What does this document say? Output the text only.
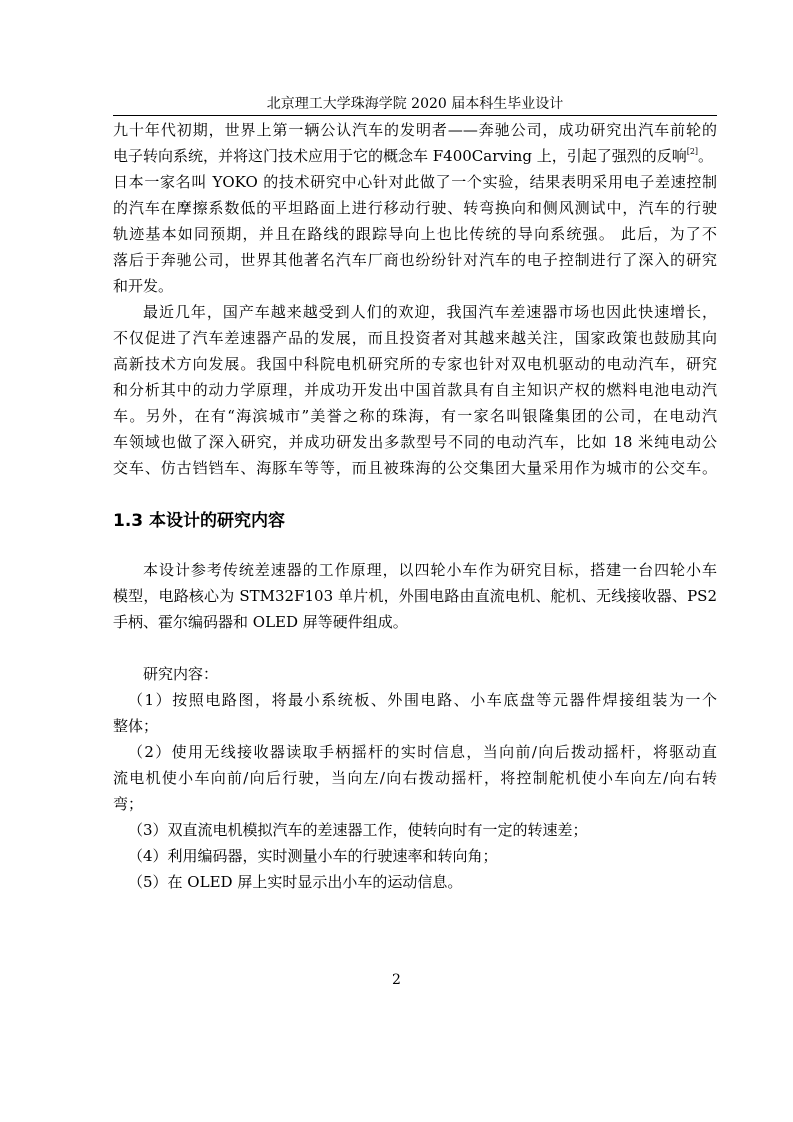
北京理工大学珠海学院 2020 届本科生毕业设计
九十年代初期，世界上第一辆公认汽车的发明者——奔驰公司，成功研究出汽车前轮的
电子转向系统，并将这门技术应用于它的概念车 F400Carving 上，引起了强烈的反响[2]。
日本一家名叫 YOKO 的技术研究中心针对此做了一个实验，结果表明采用电子差速控制
的汽车在摩擦系数低的平坦路面上进行移动行驶、转弯换向和侧风测试中，汽车的行驶
轨迹基本如同预期，并且在路线的跟踪导向上也比传统的导向系统强。 此后，为了不
落后于奔驰公司，世界其他著名汽车厂商也纷纷针对汽车的电子控制进行了深入的研究
和开发。
最近几年，国产车越来越受到人们的欢迎，我国汽车差速器市场也因此快速增长，
不仅促进了汽车差速器产品的发展，而且投资者对其越来越关注，国家政策也鼓励其向
高新技术方向发展。我国中科院电机研究所的专家也针对双电机驱动的电动汽车，研究
和分析其中的动力学原理，并成功开发出中国首款具有自主知识产权的燃料电池电动汽
车。另外，在有“海滨城市”美誉之称的珠海，有一家名叫银隆集团的公司，在电动汽
车领域也做了深入研究，并成功研发出多款型号不同的电动汽车，比如 18 米纯电动公
交车、仿古铛铛车、海豚车等等，而且被珠海的公交集团大量采用作为城市的公交车。
1.3 本设计的研究内容
本设计参考传统差速器的工作原理，以四轮小车作为研究目标，搭建一台四轮小车
模型，电路核心为 STM32F103 单片机，外围电路由直流电机、舵机、无线接收器、PS2
手柄、霍尔编码器和 OLED 屏等硬件组成。
研究内容：
（1）按照电路图，将最小系统板、外围电路、小车底盘等元器件焊接组装为一个
整体；
（2）使用无线接收器读取手柄摇杆的实时信息，当向前/向后拨动摇杆，将驱动直
流电机使小车向前/向后行驶，当向左/向右拨动摇杆，将控制舵机使小车向左/向右转
弯；
（3）双直流电机模拟汽车的差速器工作，使转向时有一定的转速差；
（4）利用编码器，实时测量小车的行驶速率和转向角；
（5）在 OLED 屏上实时显示出小车的运动信息。
2
